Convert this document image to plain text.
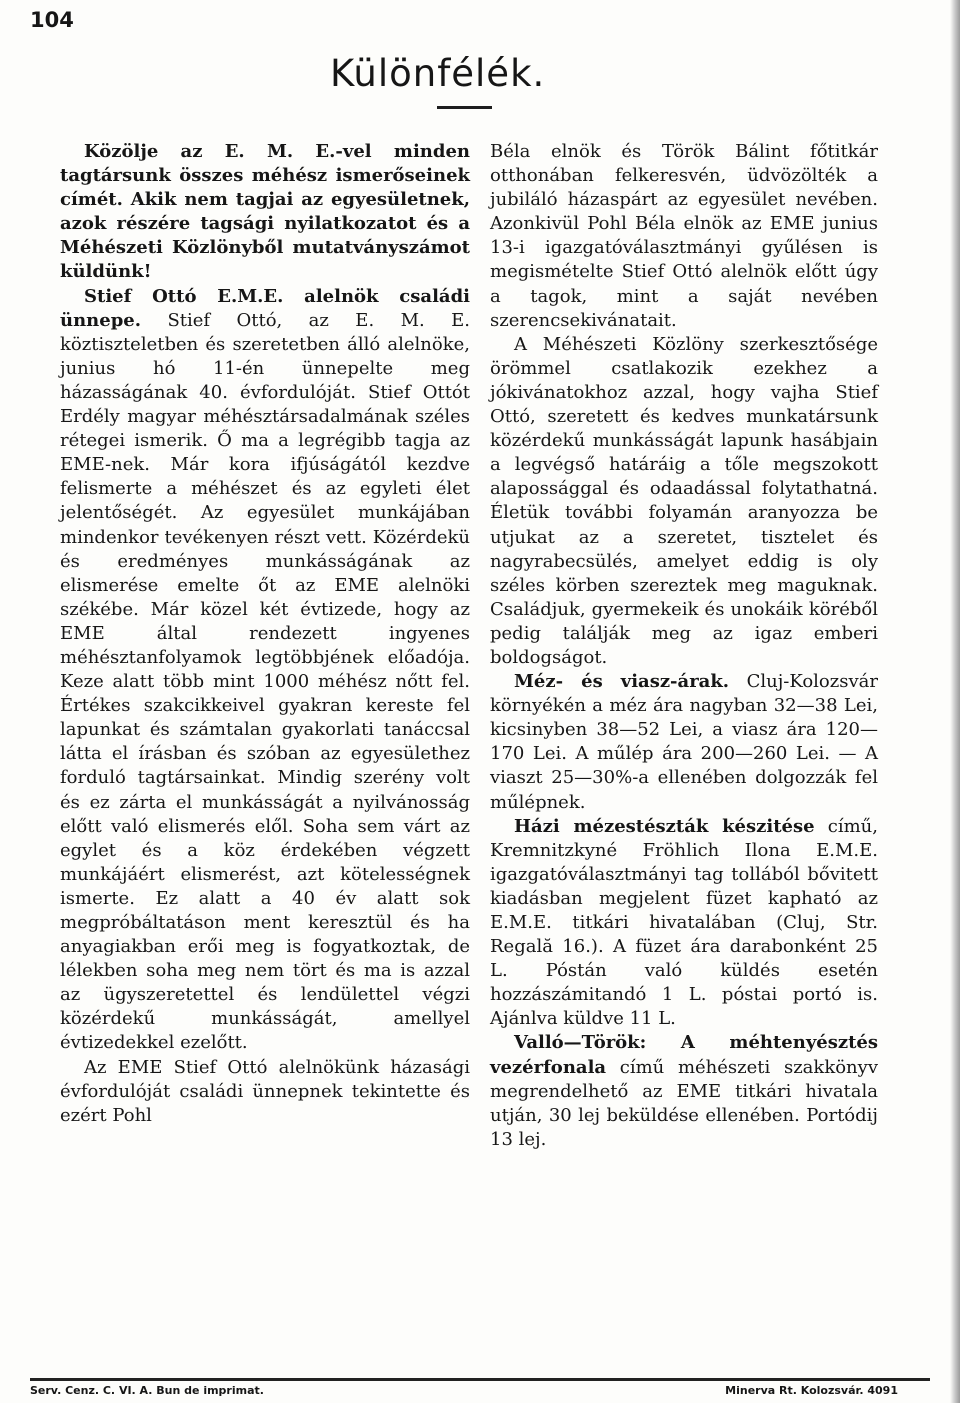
104
Különfélék.

Közölje az E. M. E.-vel minden tagtársunk összes méhész ismerőseinek címét. Akik nem tagjai az egyesületnek, azok részére tagsági nyilatkozatot és a Méhészeti Közlönyből mutatványszámot küldünk!

Stief Ottó E.M.E. alelnök családi ünnepe. Stief Ottó, az E. M. E. köztiszteletben és szeretetben álló alelnöke, junius hó 11-én ünnepelte meg házasságának 40. évfordulóját. Stief Ottót Erdély magyar méhésztársadalmának széles rétegei ismerik. Ő ma a legrégibb tagja az EME-nek. Már kora ifjúságától kezdve felismerte a méhészet és az egyleti élet jelentőségét. Az egyesület munkájában mindenkor tevékenyen részt vett. Közérdekü és eredményes munkásságának az elismerése emelte őt az EME alelnöki székébe. Már közel két évtizede, hogy az EME által rendezett ingyenes méhésztanfolyamok legtöbbjének előadója. Keze alatt több mint 1000 méhész nőtt fel. Értékes szakcikkeivel gyakran kereste fel lapunkat és számtalan gyakorlati tanáccsal látta el írásban és szóban az egyesülethez forduló tagtársainkat. Mindig szerény volt és ez zárta el munkásságát a nyilvánosság előtt való elismerés elől. Soha sem várt az egylet és a köz érdekében végzett munkájáért elismerést, azt kötelességnek ismerte. Ez alatt a 40 év alatt sok megpróbáltatáson ment keresztül és ha anyagiakban erői meg is fogyatkoztak, de lélekben soha meg nem tört és ma is azzal az ügyszeretettel és lendülettel végzi közérdekű munkásságát, amellyel évtizedekkel ezelőtt.

Az EME Stief Ottó alelnökünk házasági évfordulóját családi ünnepnek tekintette és ezért Pohl

Béla elnök és Török Bálint főtitkár otthonában felkeresvén, üdvözölték a jubiláló házaspárt az egyesület nevében. Azonkivül Pohl Béla elnök az EME junius 13-i igazgatóválasztmányi gyűlésen is megismételte Stief Ottó alelnök előtt úgy a tagok, mint a saját nevében szerencsekivánatait.

A Méhészeti Közlöny szerkesztősége örömmel csatlakozik ezekhez a jókivánatokhoz azzal, hogy vajha Stief Ottó, szeretett és kedves munkatársunk közérdekű munkásságát lapunk hasábjain a legvégső határáig a tőle megszokott alapossággal és odaadással folytathatná. Életük további folyamán aranyozza be utjukat az a szeretet, tisztelet és nagyrabecsülés, amelyet eddig is oly széles körben szereztek meg maguknak. Családjuk, gyermekeik és unokáik köréből pedig találják meg az igaz emberi boldogságot.

Méz- és viasz-árak. Cluj-Kolozsvár környékén a méz ára nagyban 32—38 Lei, kicsinyben 38—52 Lei, a viasz ára 120—170 Lei. A műlép ára 200—260 Lei. — A viaszt 25—30%-a ellenében dolgozzák fel műlépnek.

Házi mézestészták készitése című, Kremnitzkyné Fröhlich Ilona E.M.E. igazgatóválasztmányi tag tollából bővitett kiadásban megjelent füzet kapható az E.M.E. titkári hivatalában (Cluj, Str. Regală 16.). A füzet ára darabonként 25 L. Póstán való küldés esetén hozzászámitandó 1 L. póstai portó is. Ajánlva küldve 11 L.

Valló—Török: A méhtenyésztés vezérfonala című méhészeti szakkönyv megrendelhető az EME titkári hivatala utján, 30 lej beküldése ellenében. Portódij 13 lej.

Serv. Cenz. C. VI. A. Bun de imprimat.	Minerva Rt. Kolozsvár. 4091
